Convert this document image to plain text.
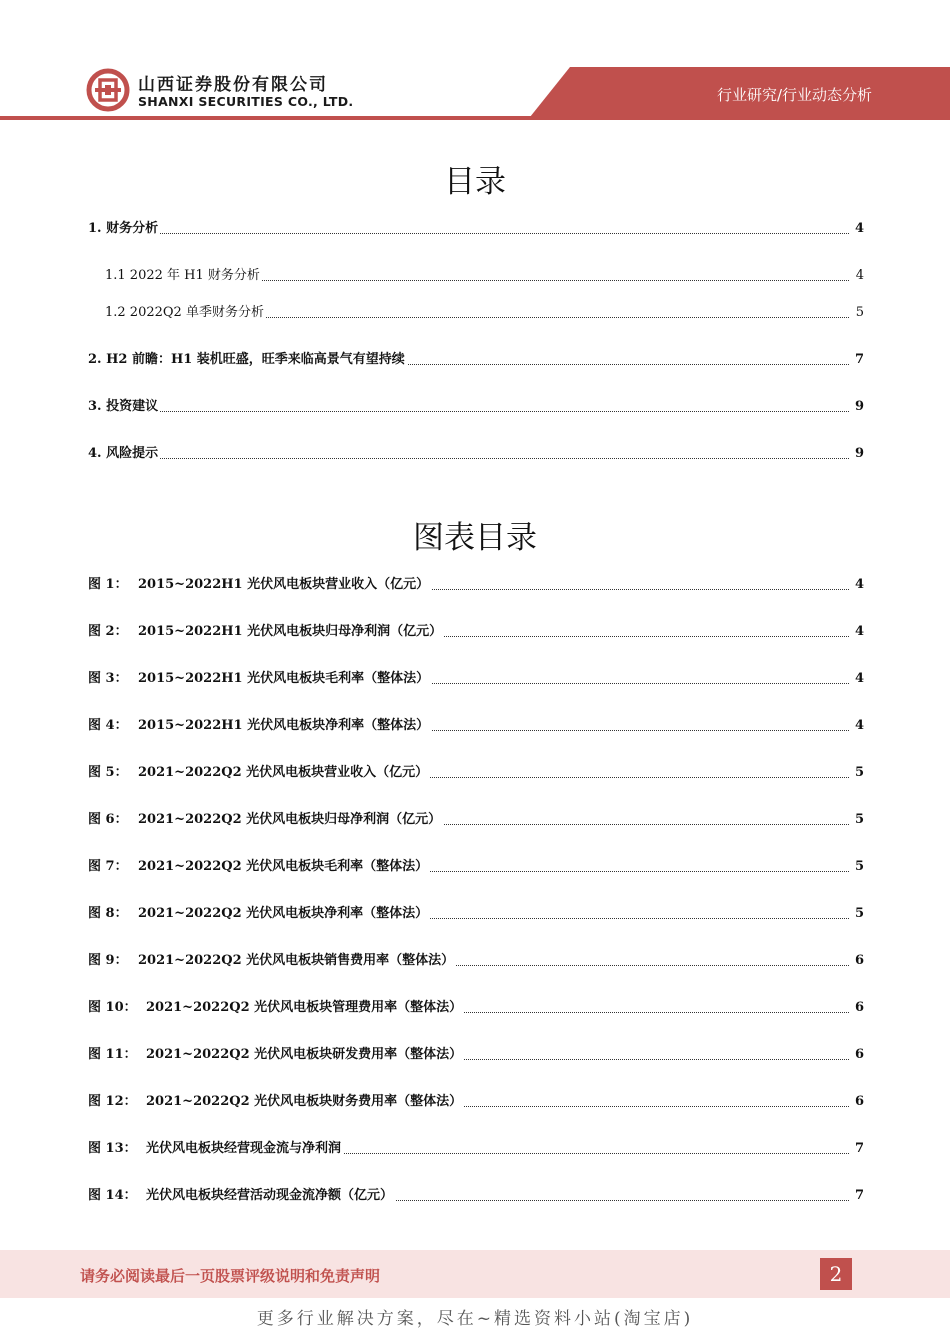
山西证券股份有限公司
SHANXI SECURITIES CO., LTD.	行业研究/行业动态分析
目录
1. 财务分析	4
1.1 2022 年 H1 财务分析	4
1.2 2022Q2 单季财务分析	5
2. H2 前瞻：H1 装机旺盛，旺季来临高景气有望持续	7
3. 投资建议	9
4. 风险提示	9
图表目录
图 1： 2015~2022H1 光伏风电板块营业收入（亿元）	4
图 2： 2015~2022H1 光伏风电板块归母净利润（亿元）	4
图 3： 2015~2022H1 光伏风电板块毛利率（整体法）	4
图 4： 2015~2022H1 光伏风电板块净利率（整体法）	4
图 5： 2021~2022Q2 光伏风电板块营业收入（亿元）	5
图 6： 2021~2022Q2 光伏风电板块归母净利润（亿元）	5
图 7： 2021~2022Q2 光伏风电板块毛利率（整体法）	5
图 8： 2021~2022Q2 光伏风电板块净利率（整体法）	5
图 9： 2021~2022Q2 光伏风电板块销售费用率（整体法）	6
图 10： 2021~2022Q2 光伏风电板块管理费用率（整体法）	6
图 11： 2021~2022Q2 光伏风电板块研发费用率（整体法）	6
图 12： 2021~2022Q2 光伏风电板块财务费用率（整体法）	6
图 13： 光伏风电板块经营现金流与净利润	7
图 14： 光伏风电板块经营活动现金流净额（亿元）	7
请务必阅读最后一页股票评级说明和免责声明	2
更多行业解决方案，尽在~精选资料小站(淘宝店)
